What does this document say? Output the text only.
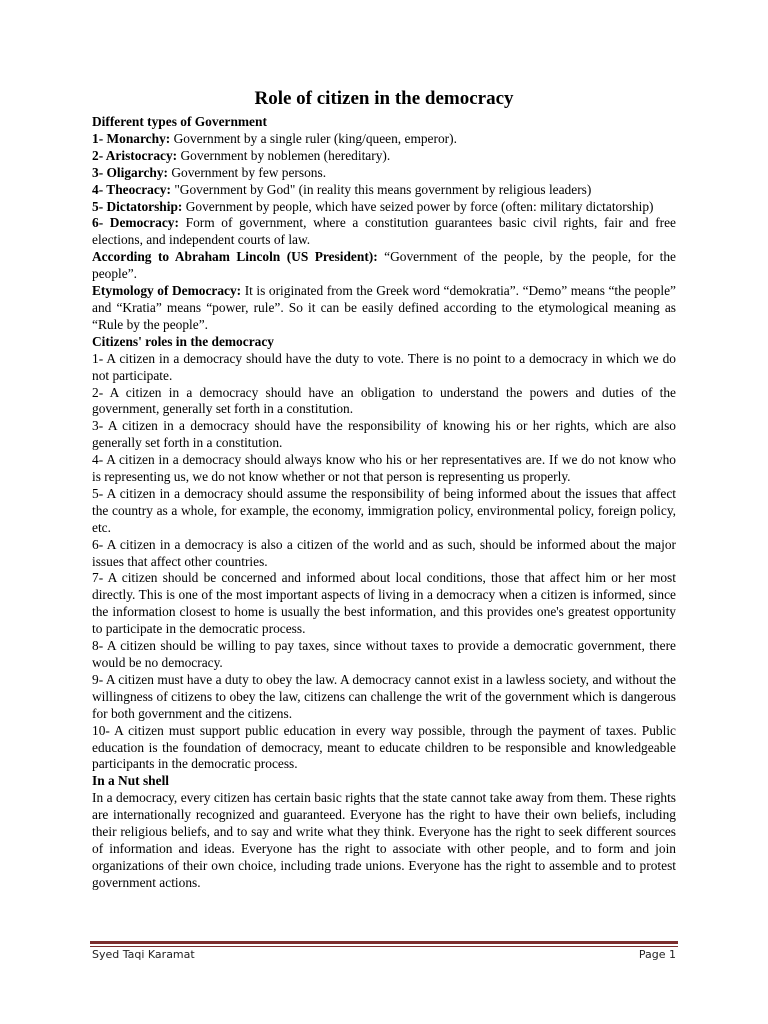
Role of citizen in the democracy

Different types of Government

1- Monarchy: Government by a single ruler (king/queen, emperor).

2- Aristocracy: Government by noblemen (hereditary).

3- Oligarchy: Government by few persons.

4- Theocracy: "Government by God" (in reality this means government by religious leaders)

5- Dictatorship: Government by people, which have seized power by force (often: military dictatorship)

6- Democracy: Form of government, where a constitution guarantees basic civil rights, fair and free elections, and independent courts of law.

According to Abraham Lincoln (US President): “Government of the people, by the people, for the people”.

Etymology of Democracy: It is originated from the Greek word “demokratia”. “Demo” means “the people” and “Kratia” means “power, rule”. So it can be easily defined according to the etymological meaning as “Rule by the people”.

Citizens' roles in the democracy

1- A citizen in a democracy should have the duty to vote. There is no point to a democracy in which we do not participate.

2- A citizen in a democracy should have an obligation to understand the powers and duties of the government, generally set forth in a constitution.

3- A citizen in a democracy should have the responsibility of knowing his or her rights, which are also generally set forth in a constitution.

4- A citizen in a democracy should always know who his or her representatives are. If we do not know who is representing us, we do not know whether or not that person is representing us properly.

5- A citizen in a democracy should assume the responsibility of being informed about the issues that affect the country as a whole, for example, the economy, immigration policy, environmental policy, foreign policy, etc.

6- A citizen in a democracy is also a citizen of the world and as such, should be informed about the major issues that affect other countries.

7- A citizen should be concerned and informed about local conditions, those that affect him or her most directly. This is one of the most important aspects of living in a democracy when a citizen is informed, since the information closest to home is usually the best information, and this provides one's greatest opportunity to participate in the democratic process.

8- A citizen should be willing to pay taxes, since without taxes to provide a democratic government, there would be no democracy.

9- A citizen must have a duty to obey the law. A democracy cannot exist in a lawless society, and without the willingness of citizens to obey the law, citizens can challenge the writ of the government which is dangerous for both government and the citizens.

10- A citizen must support public education in every way possible, through the payment of taxes. Public education is the foundation of democracy, meant to educate children to be responsible and knowledgeable participants in the democratic process.

In a Nut shell

In a democracy, every citizen has certain basic rights that the state cannot take away from them. These rights are internationally recognized and guaranteed. Everyone has the right to have their own beliefs, including their religious beliefs, and to say and write what they think. Everyone has the right to seek different sources of information and ideas. Everyone has the right to associate with other people, and to form and join organizations of their own choice, including trade unions. Everyone has the right to assemble and to protest government actions.

Syed Taqi Karamat	Page 1
